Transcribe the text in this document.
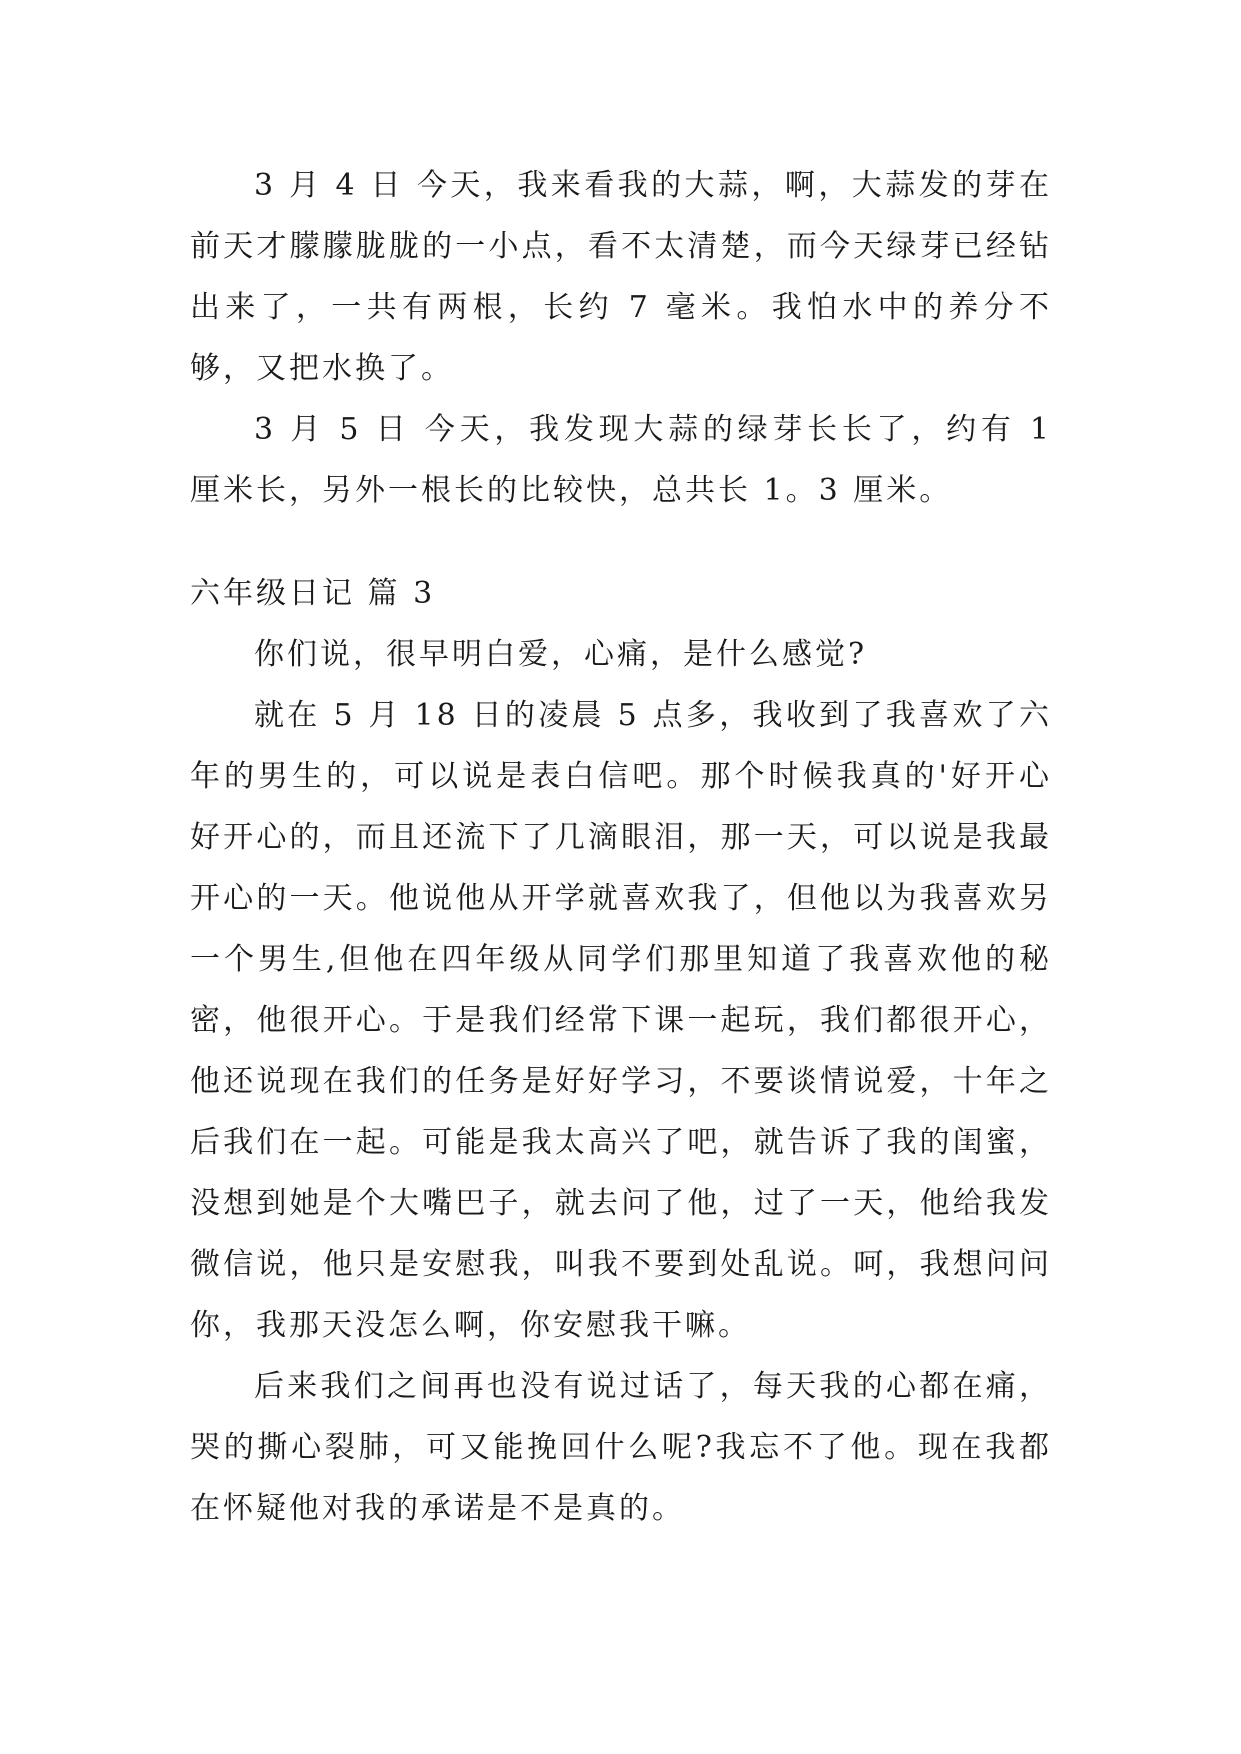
3 月 4 日 今天，我来看我的大蒜，啊，大蒜发的芽在前天才朦朦胧胧的一小点，看不太清楚，而今天绿芽已经钻出来了，一共有两根，长约 7 毫米。我怕水中的养分不够，又把水换了。

3 月 5 日 今天，我发现大蒜的绿芽长长了，约有 1 厘米长，另外一根长的比较快，总共长 1。3 厘米。

六年级日记 篇 3

你们说，很早明白爱，心痛，是什么感觉?

就在 5 月 18 日的凌晨 5 点多，我收到了我喜欢了六年的男生的，可以说是表白信吧。那个时候我真的'好开心好开心的，而且还流下了几滴眼泪，那一天，可以说是我最开心的一天。他说他从开学就喜欢我了，但他以为我喜欢另一个男生,但他在四年级从同学们那里知道了我喜欢他的秘密，他很开心。于是我们经常下课一起玩，我们都很开心，他还说现在我们的任务是好好学习，不要谈情说爱，十年之后我们在一起。可能是我太高兴了吧，就告诉了我的闺蜜，没想到她是个大嘴巴子，就去问了他，过了一天，他给我发微信说，他只是安慰我，叫我不要到处乱说。呵，我想问问你，我那天没怎么啊，你安慰我干嘛。

后来我们之间再也没有说过话了，每天我的心都在痛，哭的撕心裂肺，可又能挽回什么呢?我忘不了他。现在我都在怀疑他对我的承诺是不是真的。
